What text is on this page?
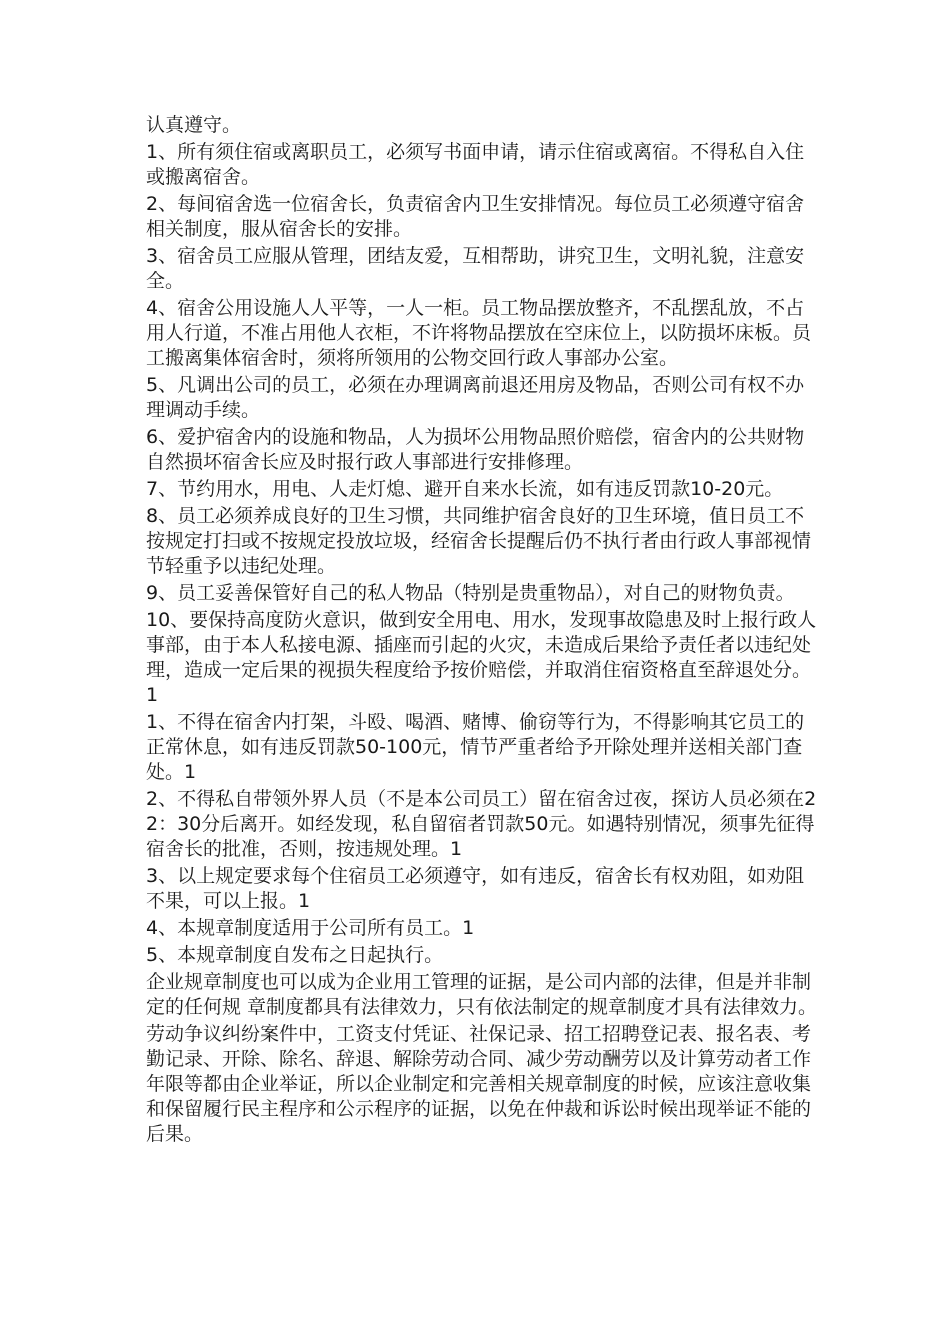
认真遵守。

1、所有须住宿或离职员工，必须写书面申请，请示住宿或离宿。不得私自入住或搬离宿舍。

2、每间宿舍选一位宿舍长，负责宿舍内卫生安排情况。每位员工必须遵守宿舍相关制度，服从宿舍长的安排。

3、宿舍员工应服从管理，团结友爱，互相帮助，讲究卫生，文明礼貌，注意安全。

4、宿舍公用设施人人平等，一人一柜。员工物品摆放整齐，不乱摆乱放，不占用人行道，不准占用他人衣柜，不许将物品摆放在空床位上，以防损坏床板。员工搬离集体宿舍时，须将所领用的公物交回行政人事部办公室。

5、凡调出公司的员工，必须在办理调离前退还用房及物品，否则公司有权不办理调动手续。

6、爱护宿舍内的设施和物品，人为损坏公用物品照价赔偿，宿舍内的公共财物自然损坏宿舍长应及时报行政人事部进行安排修理。

7、节约用水，用电、人走灯熄、避开自来水长流，如有违反罚款10-20元。

8、员工必须养成良好的卫生习惯，共同维护宿舍良好的卫生环境，值日员工不按规定打扫或不按规定投放垃圾，经宿舍长提醒后仍不执行者由行政人事部视情节轻重予以违纪处理。

9、员工妥善保管好自己的私人物品（特别是贵重物品），对自己的财物负责。

10、要保持高度防火意识，做到安全用电、用水，发现事故隐患及时上报行政人事部，由于本人私接电源、插座而引起的火灾，未造成后果给予责任者以违纪处理，造成一定后果的视损失程度给予按价赔偿，并取消住宿资格直至辞退处分。1

1、不得在宿舍内打架，斗殴、喝酒、赌博、偷窃等行为，不得影响其它员工的正常休息，如有违反罚款50-100元，情节严重者给予开除处理并送相关部门查处。1

2、不得私自带领外界人员（不是本公司员工）留在宿舍过夜，探访人员必须在22：30分后离开。如经发现，私自留宿者罚款50元。如遇特别情况，须事先征得宿舍长的批准，否则，按违规处理。1

3、以上规定要求每个住宿员工必须遵守，如有违反，宿舍长有权劝阻，如劝阻不果，可以上报。1

4、本规章制度适用于公司所有员工。1

5、本规章制度自发布之日起执行。

企业规章制度也可以成为企业用工管理的证据，是公司内部的法律，但是并非制定的任何规 章制度都具有法律效力，只有依法制定的规章制度才具有法律效力。

劳动争议纠纷案件中，工资支付凭证、社保记录、招工招聘登记表、报名表、考勤记录、开除、除名、辞退、解除劳动合同、减少劳动酬劳以及计算劳动者工作年限等都由企业举证，所以企业制定和完善相关规章制度的时候，应该注意收集和保留履行民主程序和公示程序的证据，以免在仲裁和诉讼时候出现举证不能的后果。
